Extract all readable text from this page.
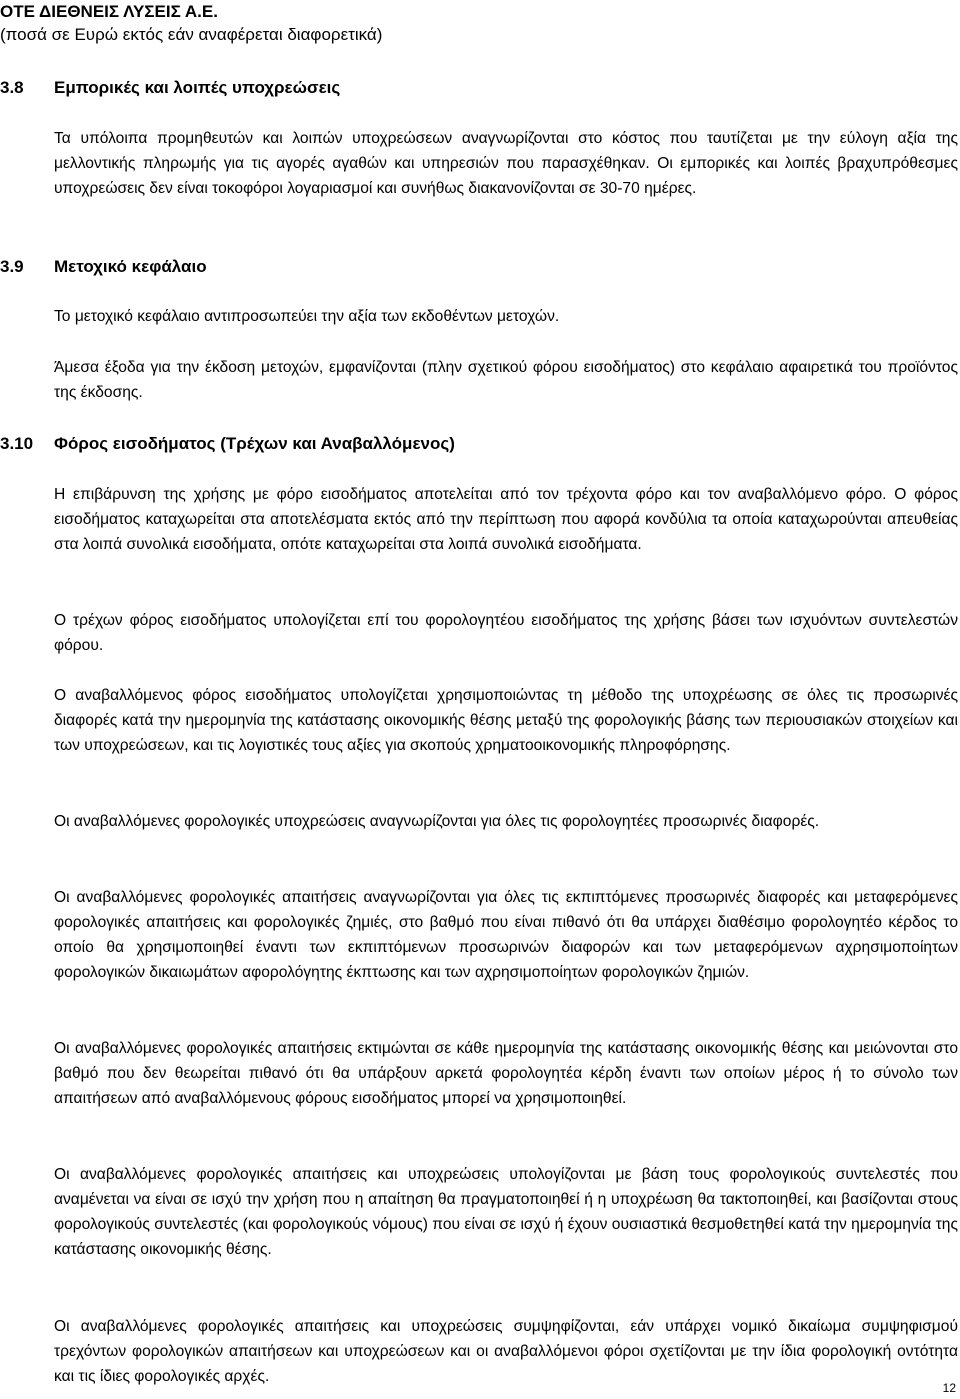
ΟΤΕ ΔΙΕΘΝΕΙΣ ΛΥΣΕΙΣ Α.Ε.
(ποσά σε Ευρώ εκτός εάν αναφέρεται διαφορετικά)
3.8 Εμπορικές και λοιπές υποχρεώσεις

Τα υπόλοιπα προμηθευτών και λοιπών υποχρεώσεων αναγνωρίζονται στο κόστος που ταυτίζεται με την εύλογη αξία της μελλοντικής πληρωμής για τις αγορές αγαθών και υπηρεσιών που παρασχέθηκαν. Οι εμπορικές και λοιπές βραχυπρόθεσμες υποχρεώσεις δεν είναι τοκοφόροι λογαριασμοί και συνήθως διακανονίζονται σε 30-70 ημέρες.

3.9 Μετοχικό κεφάλαιο

Το μετοχικό κεφάλαιο αντιπροσωπεύει την αξία των εκδοθέντων μετοχών.

Άμεσα έξοδα για την έκδοση μετοχών, εμφανίζονται (πλην σχετικού φόρου εισοδήματος) στο κεφάλαιο αφαιρετικά του προϊόντος της έκδοσης.

3.10 Φόρος εισοδήματος (Τρέχων και Αναβαλλόμενος)

Η επιβάρυνση της χρήσης με φόρο εισοδήματος αποτελείται από τον τρέχοντα φόρο και τον αναβαλλόμενο φόρο. Ο φόρος εισοδήματος καταχωρείται στα αποτελέσματα εκτός από την περίπτωση που αφορά κονδύλια τα οποία καταχωρούνται απευθείας στα λοιπά συνολικά εισοδήματα, οπότε καταχωρείται στα λοιπά συνολικά εισοδήματα.

Ο τρέχων φόρος εισοδήματος υπολογίζεται επί του φορολογητέου εισοδήματος της χρήσης βάσει των ισχυόντων συντελεστών φόρου.

Ο αναβαλλόμενος φόρος εισοδήματος υπολογίζεται χρησιμοποιώντας τη μέθοδο της υποχρέωσης σε όλες τις προσωρινές διαφορές κατά την ημερομηνία της κατάστασης οικονομικής θέσης μεταξύ της φορολογικής βάσης των περιουσιακών στοιχείων και των υποχρεώσεων, και τις λογιστικές τους αξίες για σκοπούς χρηματοοικονομικής πληροφόρησης.

Οι αναβαλλόμενες φορολογικές υποχρεώσεις αναγνωρίζονται για όλες τις φορολογητέες προσωρινές διαφορές.

Οι αναβαλλόμενες φορολογικές απαιτήσεις αναγνωρίζονται για όλες τις εκπιπτόμενες προσωρινές διαφορές και μεταφερόμενες φορολογικές απαιτήσεις και φορολογικές ζημιές, στο βαθμό που είναι πιθανό ότι θα υπάρχει διαθέσιμο φορολογητέο κέρδος το οποίο θα χρησιμοποιηθεί έναντι των εκπιπτόμενων προσωρινών διαφορών και των μεταφερόμενων αχρησιμοποίητων φορολογικών δικαιωμάτων αφορολόγητης έκπτωσης και των αχρησιμοποίητων φορολογικών ζημιών.

Οι αναβαλλόμενες φορολογικές απαιτήσεις εκτιμώνται σε κάθε ημερομηνία της κατάστασης οικονομικής θέσης και μειώνονται στο βαθμό που δεν θεωρείται πιθανό ότι θα υπάρξουν αρκετά φορολογητέα κέρδη έναντι των οποίων μέρος ή το σύνολο των απαιτήσεων από αναβαλλόμενους φόρους εισοδήματος μπορεί να χρησιμοποιηθεί.

Οι αναβαλλόμενες φορολογικές απαιτήσεις και υποχρεώσεις υπολογίζονται με βάση τους φορολογικούς συντελεστές που αναμένεται να είναι σε ισχύ την χρήση που η απαίτηση θα πραγματοποιηθεί ή η υποχρέωση θα τακτοποιηθεί, και βασίζονται στους φορολογικούς συντελεστές (και φορολογικούς νόμους) που είναι σε ισχύ ή έχουν ουσιαστικά θεσμοθετηθεί κατά την ημερομηνία της κατάστασης οικονομικής θέσης.

Οι αναβαλλόμενες φορολογικές απαιτήσεις και υποχρεώσεις συμψηφίζονται, εάν υπάρχει νομικό δικαίωμα συμψηφισμού τρεχόντων φορολογικών απαιτήσεων και υποχρεώσεων και οι αναβαλλόμενοι φόροι σχετίζονται με την ίδια φορολογική οντότητα και τις ίδιες φορολογικές αρχές.

12
